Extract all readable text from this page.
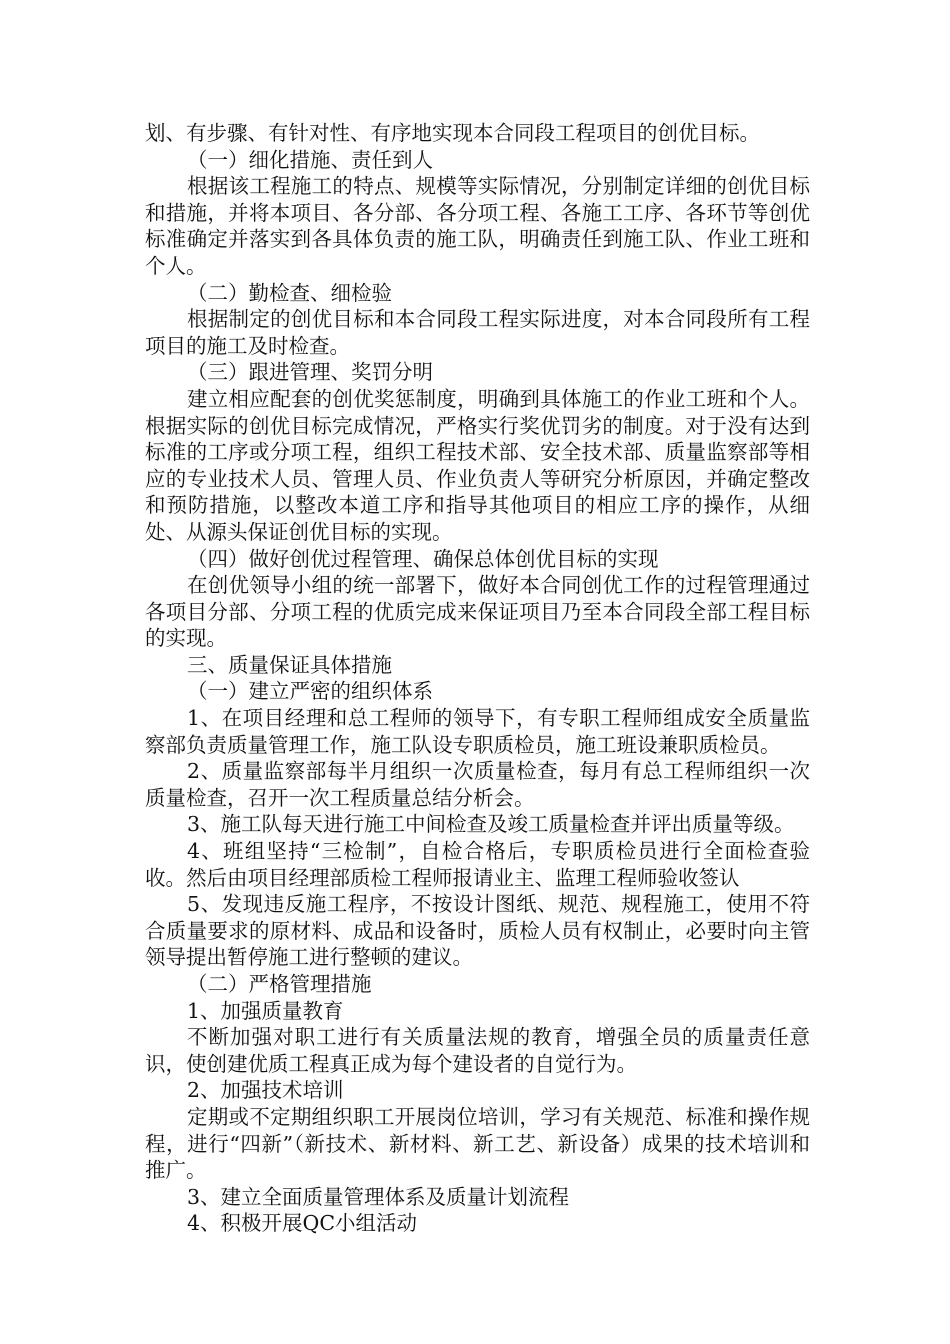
划、有步骤、有针对性、有序地实现本合同段工程项目的创优目标。

（一）细化措施、责任到人

根据该工程施工的特点、规模等实际情况，分别制定详细的创优目标和措施，并将本项目、各分部、各分项工程、各施工工序、各环节等创优标准确定并落实到各具体负责的施工队，明确责任到施工队、作业工班和个人。

（二）勤检查、细检验

根据制定的创优目标和本合同段工程实际进度，对本合同段所有工程项目的施工及时检查。

（三）跟进管理、奖罚分明

建立相应配套的创优奖惩制度，明确到具体施工的作业工班和个人。根据实际的创优目标完成情况，严格实行奖优罚劣的制度。对于没有达到标准的工序或分项工程，组织工程技术部、安全技术部、质量监察部等相应的专业技术人员、管理人员、作业负责人等研究分析原因，并确定整改和预防措施，以整改本道工序和指导其他项目的相应工序的操作，从细处、从源头保证创优目标的实现。

（四）做好创优过程管理、确保总体创优目标的实现

在创优领导小组的统一部署下，做好本合同创优工作的过程管理通过各项目分部、分项工程的优质完成来保证项目乃至本合同段全部工程目标的实现。

三、质量保证具体措施

（一）建立严密的组织体系

1、在项目经理和总工程师的领导下，有专职工程师组成安全质量监察部负责质量管理工作，施工队设专职质检员，施工班设兼职质检员。

2、质量监察部每半月组织一次质量检查，每月有总工程师组织一次质量检查，召开一次工程质量总结分析会。

3、施工队每天进行施工中间检查及竣工质量检查并评出质量等级。

4、班组坚持“三检制”，自检合格后，专职质检员进行全面检查验收。然后由项目经理部质检工程师报请业主、监理工程师验收签认

5、发现违反施工程序，不按设计图纸、规范、规程施工，使用不符合质量要求的原材料、成品和设备时，质检人员有权制止，必要时向主管领导提出暂停施工进行整顿的建议。

（二）严格管理措施

1、加强质量教育

不断加强对职工进行有关质量法规的教育，增强全员的质量责任意识，使创建优质工程真正成为每个建设者的自觉行为。

2、加强技术培训

定期或不定期组织职工开展岗位培训，学习有关规范、标准和操作规程，进行“四新”（新技术、新材料、新工艺、新设备）成果的技术培训和推广。

3、建立全面质量管理体系及质量计划流程

4、积极开展QC小组活动
